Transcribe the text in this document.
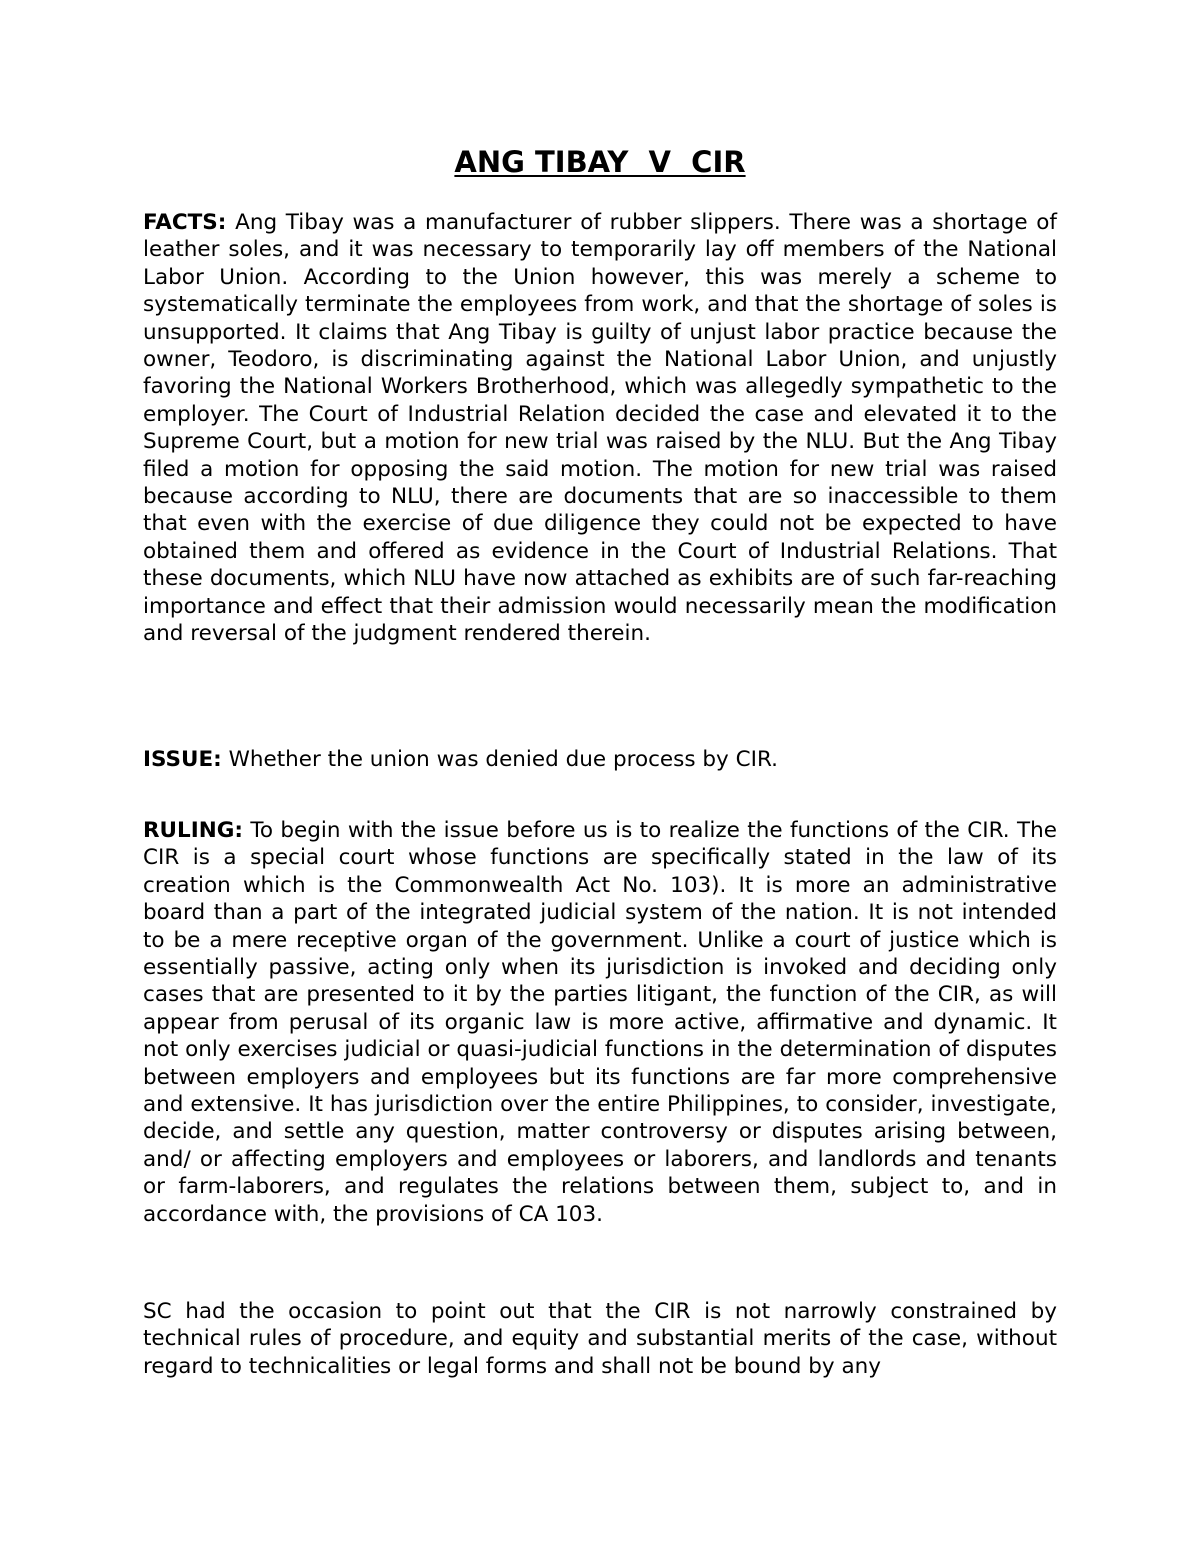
ANG TIBAY  V  CIR

FACTS: Ang Tibay was a manufacturer of rubber slippers. There was a shortage of leather soles, and it was necessary to temporarily lay off members of the National Labor Union. According to the Union however, this was merely a scheme to systematically terminate the employees from work, and that the shortage of soles is unsupported. It claims that Ang Tibay is guilty of unjust labor practice because the owner, Teodoro, is discriminating against the National Labor Union, and unjustly favoring the National Workers Brotherhood, which was allegedly sympathetic to the employer. The Court of Industrial Relation decided the case and elevated it to the Supreme Court, but a motion for new trial was raised by the NLU. But the Ang Tibay filed a motion for opposing the said motion. The motion for new trial was raised because according to NLU, there are documents that are so inaccessible to them that even with the exercise of due diligence they could not be expected to have obtained them and offered as evidence in the Court of Industrial Relations. That these documents, which NLU have now attached as exhibits are of such far-reaching importance and effect that their admission would necessarily mean the modification and reversal of the judgment rendered therein.

ISSUE: Whether the union was denied due process by CIR.

RULING: To begin with the issue before us is to realize the functions of the CIR. The CIR is a special court whose functions are specifically stated in the law of its creation which is the Commonwealth Act No. 103). It is more an administrative board than a part of the integrated judicial system of the nation. It is not intended to be a mere receptive organ of the government. Unlike a court of justice which is essentially passive, acting only when its jurisdiction is invoked and deciding only cases that are presented to it by the parties litigant, the function of the CIR, as will appear from perusal of its organic law is more active, affirmative and dynamic. It not only exercises judicial or quasi-judicial functions in the determination of disputes between employers and employees but its functions are far more comprehensive and extensive. It has jurisdiction over the entire Philippines, to consider, investigate, decide, and settle any question, matter controversy or disputes arising between, and/ or affecting employers and employees or laborers, and landlords and tenants or farm-laborers, and regulates the relations between them, subject to, and in accordance with, the provisions of CA 103.

SC had the occasion to point out that the CIR is not narrowly constrained by technical rules of procedure, and equity and substantial merits of the case, without regard to technicalities or legal forms and shall not be bound by any
